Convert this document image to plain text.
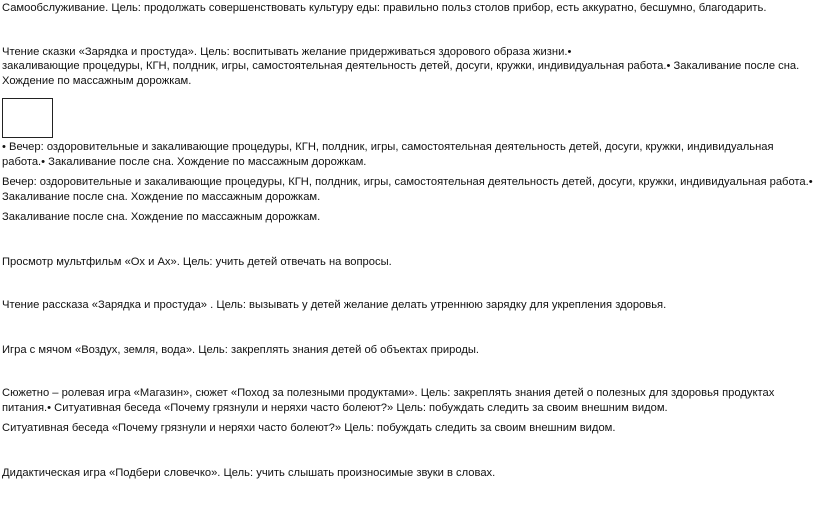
Самообслуживание. Цель: продолжать совершенствовать культуру еды: правильно польз столов прибор, есть аккуратно, бесшумно, благодарить.

Чтение сказки «Зарядка и простуда». Цель: воспитывать желание придерживаться здорового образа жизни.•

закаливающие процедуры, КГН, полдник, игры, самостоятельная деятельность детей, досуги, кружки, индивидуальная работа.• Закаливание после сна. Хождение по массажным дорожкам.

• Вечер: оздоровительные и закаливающие процедуры, КГН, полдник, игры, самостоятельная деятельность детей, досуги, кружки, индивидуальная работа.• Закаливание после сна. Хождение по массажным дорожкам.

Вечер: оздоровительные и закаливающие процедуры, КГН, полдник, игры, самостоятельная деятельность детей, досуги, кружки, индивидуальная работа.• Закаливание после сна. Хождение по массажным дорожкам.

Закаливание после сна. Хождение по массажным дорожкам.

Просмотр мультфильм «Ох и Ах». Цель: учить детей отвечать на вопросы.

Чтение рассказа «Зарядка и простуда» . Цель: вызывать у детей желание делать утреннюю зарядку для укрепления здоровья.

Игра с мячом «Воздух, земля, вода». Цель: закреплять знания детей об объектах природы.

Сюжетно – ролевая игра «Магазин», сюжет «Поход за полезными продуктами». Цель: закреплять знания детей о полезных для здоровья продуктах питания.• Ситуативная беседа «Почему грязнули и неряхи часто болеют?» Цель: побуждать следить за своим внешним видом.

Ситуативная беседа «Почему грязнули и неряхи часто болеют?» Цель: побуждать следить за своим внешним видом.

Дидактическая игра «Подбери словечко». Цель: учить слышать произносимые звуки в словах.
